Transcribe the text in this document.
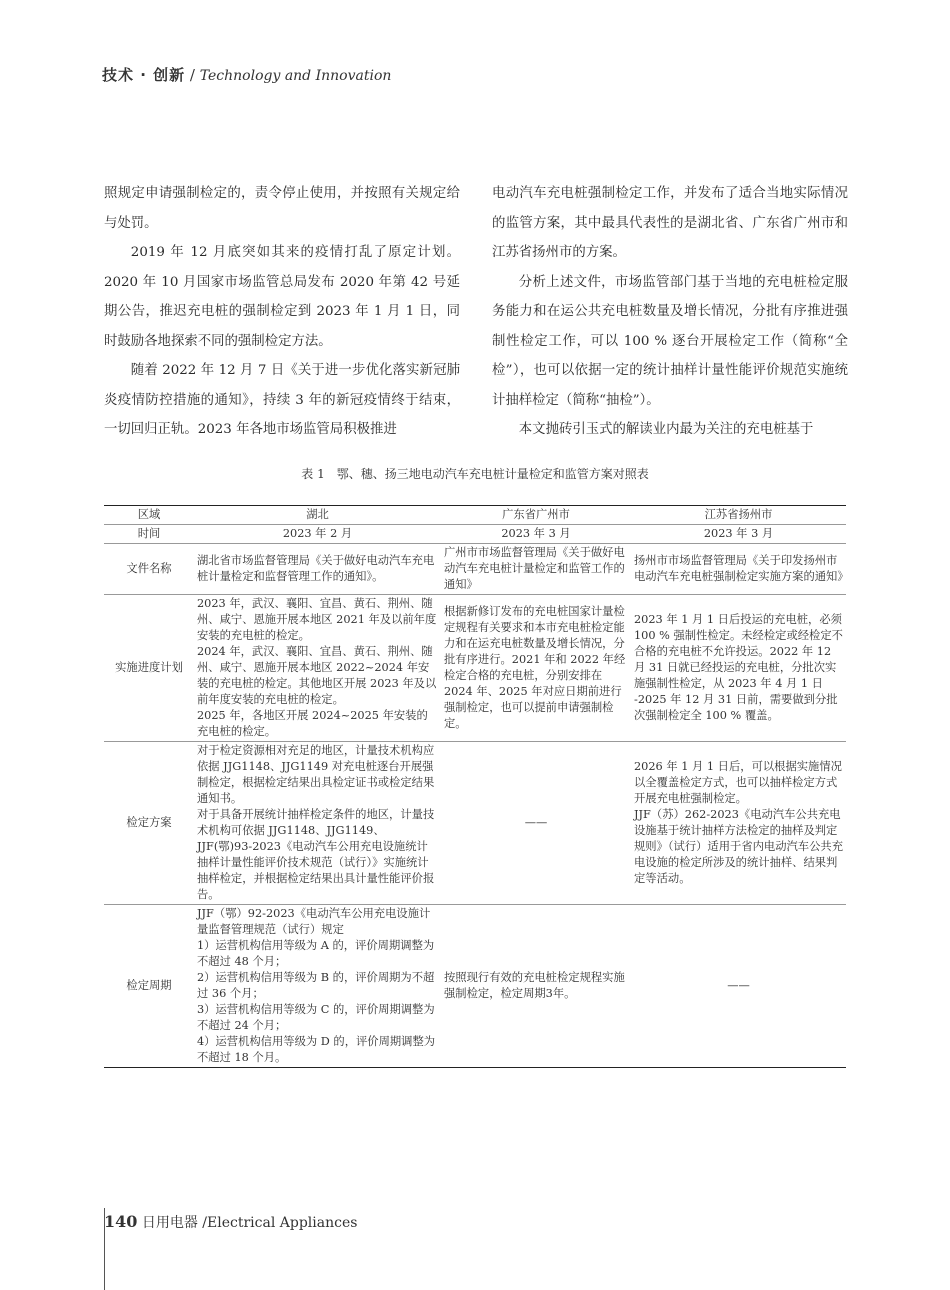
技术 · 创新 / Technology and Innovation

照规定申请强制检定的，责令停止使用，并按照有关规定给与处罚。

2019 年 12 月底突如其来的疫情打乱了原定计划。2020 年 10 月国家市场监管总局发布 2020 年第 42 号延期公告，推迟充电桩的强制检定到 2023 年 1 月 1 日，同时鼓励各地探索不同的强制检定方法。

随着 2022 年 12 月 7 日《关于进一步优化落实新冠肺炎疫情防控措施的通知》，持续 3 年的新冠疫情终于结束，一切回归正轨。2023 年各地市场监管局积极推进

电动汽车充电桩强制检定工作，并发布了适合当地实际情况的监管方案，其中最具代表性的是湖北省、广东省广州市和江苏省扬州市的方案。

分析上述文件，市场监管部门基于当地的充电桩检定服务能力和在运公共充电桩数量及增长情况，分批有序推进强制性检定工作，可以 100 % 逐台开展检定工作（简称“全检”），也可以依据一定的统计抽样计量性能评价规范实施统计抽样检定（简称“抽检”）。

本文抛砖引玉式的解读业内最为关注的充电桩基于

表 1　鄂、穗、扬三地电动汽车充电桩计量检定和监管方案对照表
区域	湖北	广东省广州市	江苏省扬州市
时间	2023 年 2 月	2023 年 3 月	2023 年 3 月
文件名称	湖北省市场监督管理局《关于做好电动汽车充电桩计量检定和监督管理工作的通知》。	广州市市场监督管理局《关于做好电动汽车充电桩计量检定和监管工作的通知》	扬州市市场监督管理局《关于印发扬州市电动汽车充电桩强制检定实施方案的通知》
实施进度计划	2023 年，武汉、襄阳、宜昌、黄石、荆州、随州、咸宁、恩施开展本地区 2021 年及以前年度安装的充电桩的检定。
2024 年，武汉、襄阳、宜昌、黄石、荆州、随州、咸宁、恩施开展本地区 2022~2024 年安装的充电桩的检定。其他地区开展 2023 年及以前年度安装的充电桩的检定。
2025 年，各地区开展 2024~2025 年安装的充电桩的检定。	根据新修订发布的充电桩国家计量检定规程有关要求和本市充电桩检定能力和在运充电桩数量及增长情况，分批有序进行。2021 年和 2022 年经检定合格的充电桩，分别安排在 2024 年、2025 年对应日期前进行强制检定，也可以提前申请强制检定。	2023 年 1 月 1 日后投运的充电桩，必须 100 % 强制性检定。未经检定或经检定不合格的充电桩不允许投运。2022 年 12 月 31 日就已经投运的充电桩，分批次实施强制性检定，从 2023 年 4 月 1 日 -2025 年 12 月 31 日前，需要做到分批次强制检定全 100 % 覆盖。
检定方案	对于检定资源相对充足的地区，计量技术机构应依据 JJG1148、JJG1149 对充电桩逐台开展强制检定，根据检定结果出具检定证书或检定结果通知书。
对于具备开展统计抽样检定条件的地区，计量技术机构可依据 JJG1148、JJG1149、JJF(鄂)93-2023《电动汽车公用充电设施统计抽样计量性能评价技术规范（试行）》实施统计抽样检定，并根据检定结果出具计量性能评价报告。	——	2026 年 1 月 1 日后，可以根据实施情况以全覆盖检定方式，也可以抽样检定方式开展充电桩强制检定。
JJF（苏）262-2023《电动汽车公共充电设施基于统计抽样方法检定的抽样及判定规则》（试行）适用于省内电动汽车公共充电设施的检定所涉及的统计抽样、结果判定等活动。

检定周期	JJF（鄂）92-2023《电动汽车公用充电设施计量监督管理规范（试行）规定
1）运营机构信用等级为 A 的，评价周期调整为不超过 48 个月；
2）运营机构信用等级为 B 的，评价周期为不超过 36 个月；
3）运营机构信用等级为 C 的，评价周期调整为不超过 24 个月；
4）运营机构信用等级为 D 的，评价周期调整为不超过 18 个月。	按照现行有效的充电桩检定规程实施强制检定，检定周期3年。	——
140 日用电器 /Electrical Appliances
